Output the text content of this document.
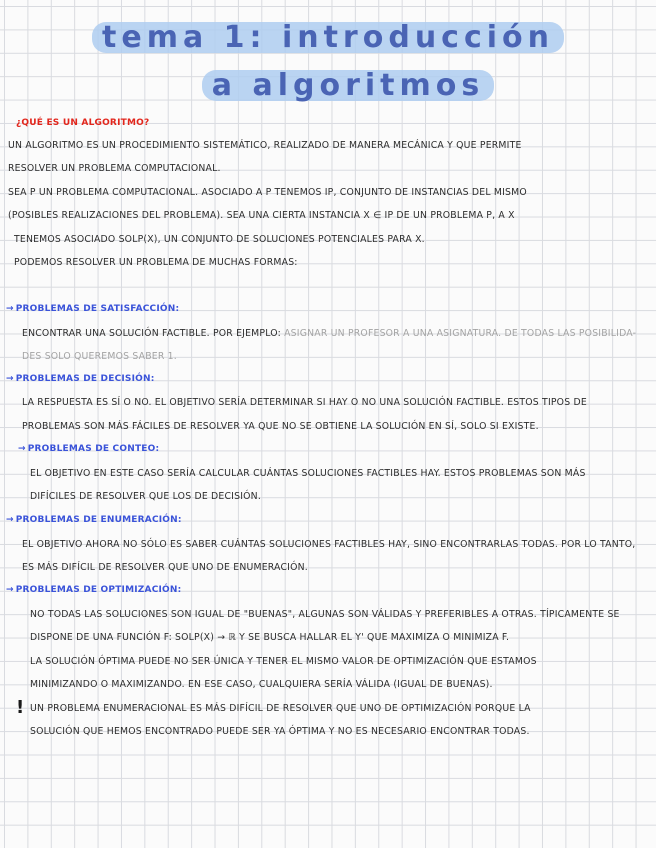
tema 1: introducción
a algoritmos
¿QUÉ ES UN ALGORITMO?
UN ALGORITMO ES UN PROCEDIMIENTO SISTEMÁTICO, REALIZADO DE MANERA MECÁNICA Y QUE PERMITE
RESOLVER UN PROBLEMA COMPUTACIONAL.
SEA P UN PROBLEMA COMPUTACIONAL. ASOCIADO A P TENEMOS IP, CONJUNTO DE INSTANCIAS DEL MISMO
(POSIBLES REALIZACIONES DEL PROBLEMA). SEA UNA CIERTA INSTANCIA X ∈ IP DE UN PROBLEMA P, A X
TENEMOS ASOCIADO SOLP(X), UN CONJUNTO DE SOLUCIONES POTENCIALES PARA X.
PODEMOS RESOLVER UN PROBLEMA DE MUCHAS FORMAS:
→ PROBLEMAS DE SATISFACCIÓN:
ENCONTRAR UNA SOLUCIÓN FACTIBLE. POR EJEMPLO: ASIGNAR UN PROFESOR A UNA ASIGNATURA. DE TODAS LAS POSIBILIDA-
DES SOLO QUEREMOS SABER 1.
→ PROBLEMAS DE DECISIÓN:
LA RESPUESTA ES SÍ O NO. EL OBJETIVO SERÍA DETERMINAR SI HAY O NO UNA SOLUCIÓN FACTIBLE. ESTOS TIPOS DE
PROBLEMAS SON MÁS FÁCILES DE RESOLVER YA QUE NO SE OBTIENE LA SOLUCIÓN EN SÍ, SOLO SI EXISTE.
→ PROBLEMAS DE CONTEO:
EL OBJETIVO EN ESTE CASO SERÍA CALCULAR CUÁNTAS SOLUCIONES FACTIBLES HAY. ESTOS PROBLEMAS SON MÁS
DIFÍCILES DE RESOLVER QUE LOS DE DECISIÓN.
→ PROBLEMAS DE ENUMERACIÓN:
EL OBJETIVO AHORA NO SÓLO ES SABER CUÁNTAS SOLUCIONES FACTIBLES HAY, SINO ENCONTRARLAS TODAS. POR LO TANTO,
ES MÁS DIFÍCIL DE RESOLVER QUE UNO DE ENUMERACIÓN.
→ PROBLEMAS DE OPTIMIZACIÓN:
NO TODAS LAS SOLUCIONES SON IGUAL DE "BUENAS", ALGUNAS SON VÁLIDAS Y PREFERIBLES A OTRAS. TÍPICAMENTE SE
DISPONE DE UNA FUNCIÓN F: SOLP(X) → ℝ Y SE BUSCA HALLAR EL Y' QUE MAXIMIZA O MINIMIZA F.
LA SOLUCIÓN ÓPTIMA PUEDE NO SER ÚNICA Y TENER EL MISMO VALOR DE OPTIMIZACIÓN QUE ESTAMOS
MINIMIZANDO O MAXIMIZANDO. EN ESE CASO, CUALQUIERA SERÍA VÁLIDA (IGUAL DE BUENAS).
! UN PROBLEMA ENUMERACIONAL ES MÁS DIFÍCIL DE RESOLVER QUE UNO DE OPTIMIZACIÓN PORQUE LA
SOLUCIÓN QUE HEMOS ENCONTRADO PUEDE SER YA ÓPTIMA Y NO ES NECESARIO ENCONTRAR TODAS.
